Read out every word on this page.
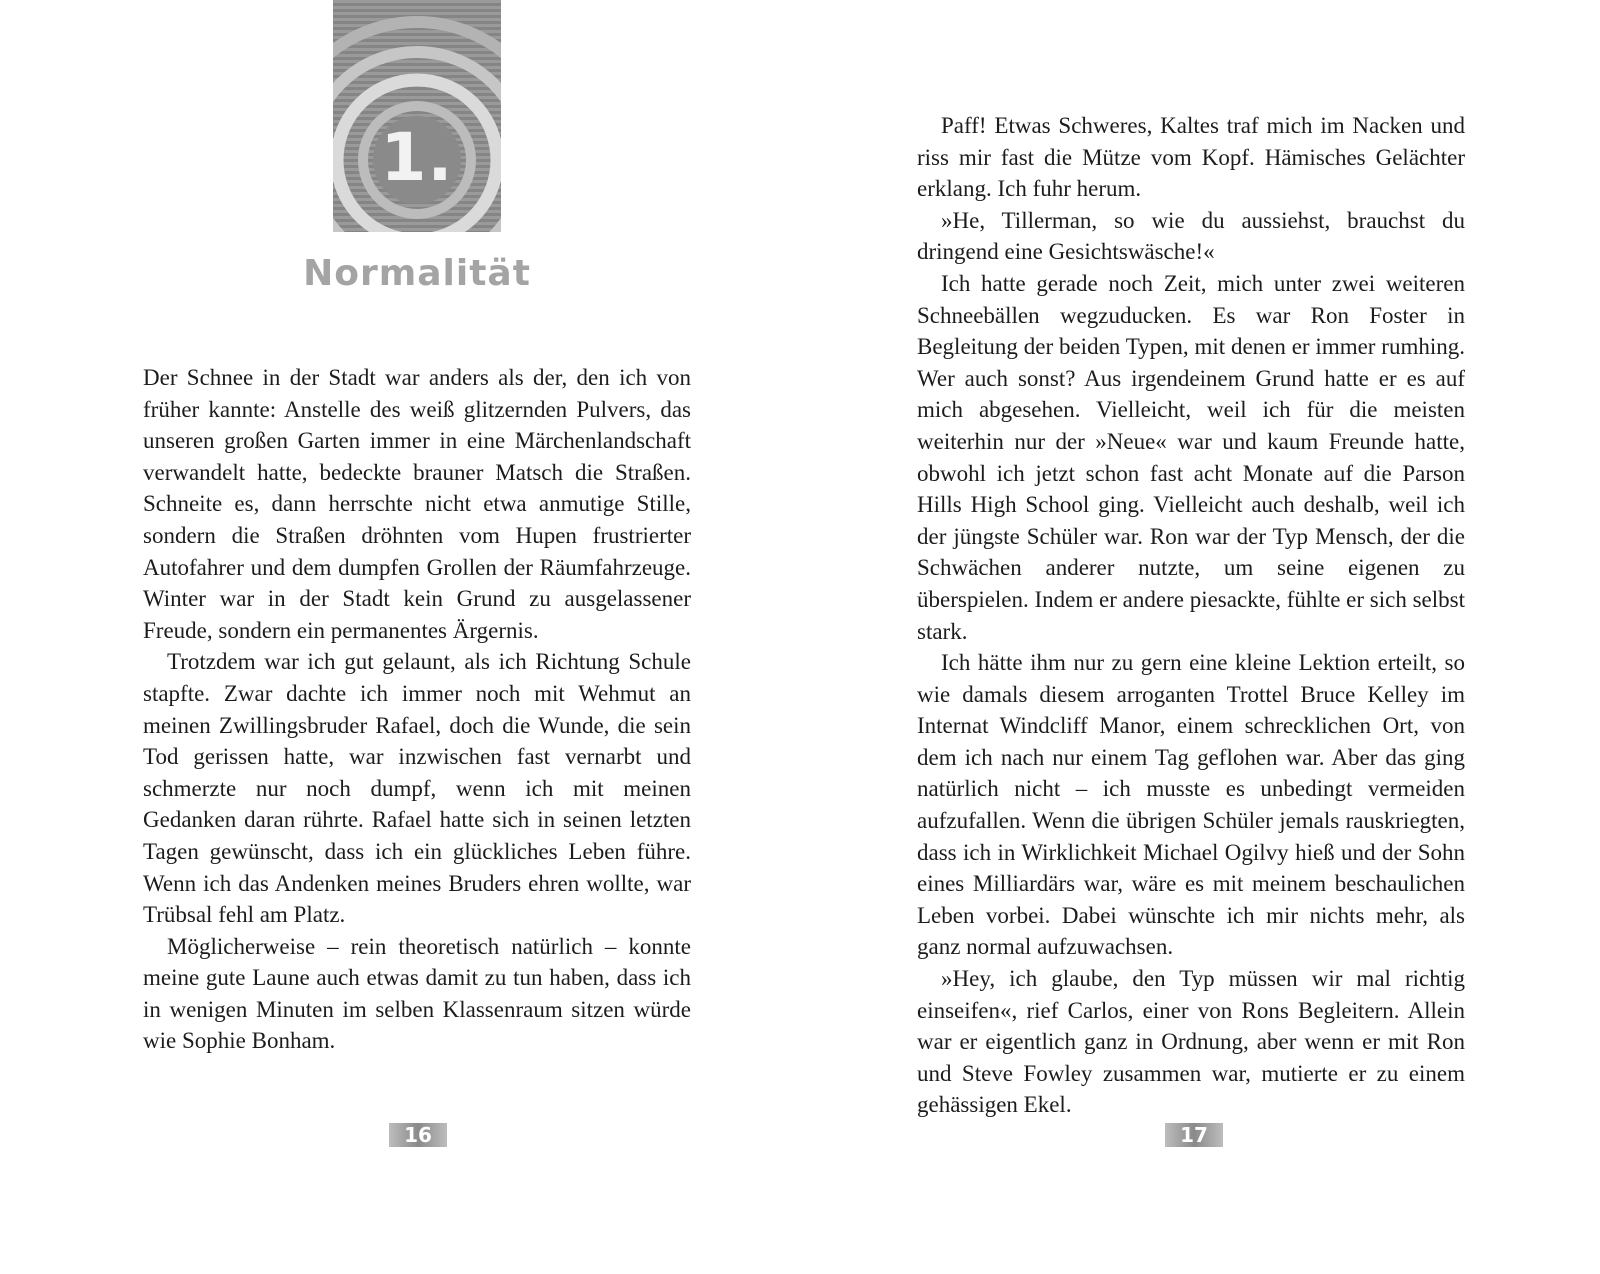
1.
Normalität

Der Schnee in der Stadt war anders als der, den ich von früher kannte: Anstelle des weiß glitzernden Pulvers, das unseren großen Garten immer in eine Märchenlandschaft verwandelt hatte, bedeckte brauner Matsch die Straßen. Schneite es, dann herrschte nicht etwa anmutige Stille, sondern die Straßen dröhnten vom Hupen frustrierter Autofahrer und dem dumpfen Grollen der Räumfahrzeuge. Winter war in der Stadt kein Grund zu ausgelassener Freude, sondern ein permanentes Ärgernis.

Trotzdem war ich gut gelaunt, als ich Richtung Schule stapfte. Zwar dachte ich immer noch mit Wehmut an meinen Zwillingsbruder Rafael, doch die Wunde, die sein Tod gerissen hatte, war inzwischen fast vernarbt und schmerzte nur noch dumpf, wenn ich mit meinen Gedanken daran rührte. Rafael hatte sich in seinen letzten Tagen gewünscht, dass ich ein glückliches Leben führe. Wenn ich das Andenken meines Bruders ehren wollte, war Trübsal fehl am Platz.

Möglicherweise – rein theoretisch natürlich – konnte meine gute Laune auch etwas damit zu tun haben, dass ich in wenigen Minuten im selben Klassenraum sitzen würde wie Sophie Bonham.

16

Paff! Etwas Schweres, Kaltes traf mich im Nacken und riss mir fast die Mütze vom Kopf. Hämisches Gelächter erklang. Ich fuhr herum.

»He, Tillerman, so wie du aussiehst, brauchst du dringend eine Gesichtswäsche!«

Ich hatte gerade noch Zeit, mich unter zwei weiteren Schneebällen wegzuducken. Es war Ron Foster in Begleitung der beiden Typen, mit denen er immer rumhing. Wer auch sonst? Aus irgendeinem Grund hatte er es auf mich abgesehen. Vielleicht, weil ich für die meisten weiterhin nur der »Neue« war und kaum Freunde hatte, obwohl ich jetzt schon fast acht Monate auf die Parson Hills High School ging. Vielleicht auch deshalb, weil ich der jüngste Schüler war. Ron war der Typ Mensch, der die Schwächen anderer nutzte, um seine eigenen zu überspielen. Indem er andere piesackte, fühlte er sich selbst stark.

Ich hätte ihm nur zu gern eine kleine Lektion erteilt, so wie damals diesem arroganten Trottel Bruce Kelley im Internat Windcliff Manor, einem schrecklichen Ort, von dem ich nach nur einem Tag geflohen war. Aber das ging natürlich nicht – ich musste es unbedingt vermeiden aufzufallen. Wenn die übrigen Schüler jemals rauskriegten, dass ich in Wirklichkeit Michael Ogilvy hieß und der Sohn eines Milliardärs war, wäre es mit meinem beschaulichen Leben vorbei. Dabei wünschte ich mir nichts mehr, als ganz normal aufzuwachsen.

»Hey, ich glaube, den Typ müssen wir mal richtig einseifen«, rief Carlos, einer von Rons Begleitern. Allein war er eigentlich ganz in Ordnung, aber wenn er mit Ron und Steve Fowley zusammen war, mutierte er zu einem gehässigen Ekel.

17
